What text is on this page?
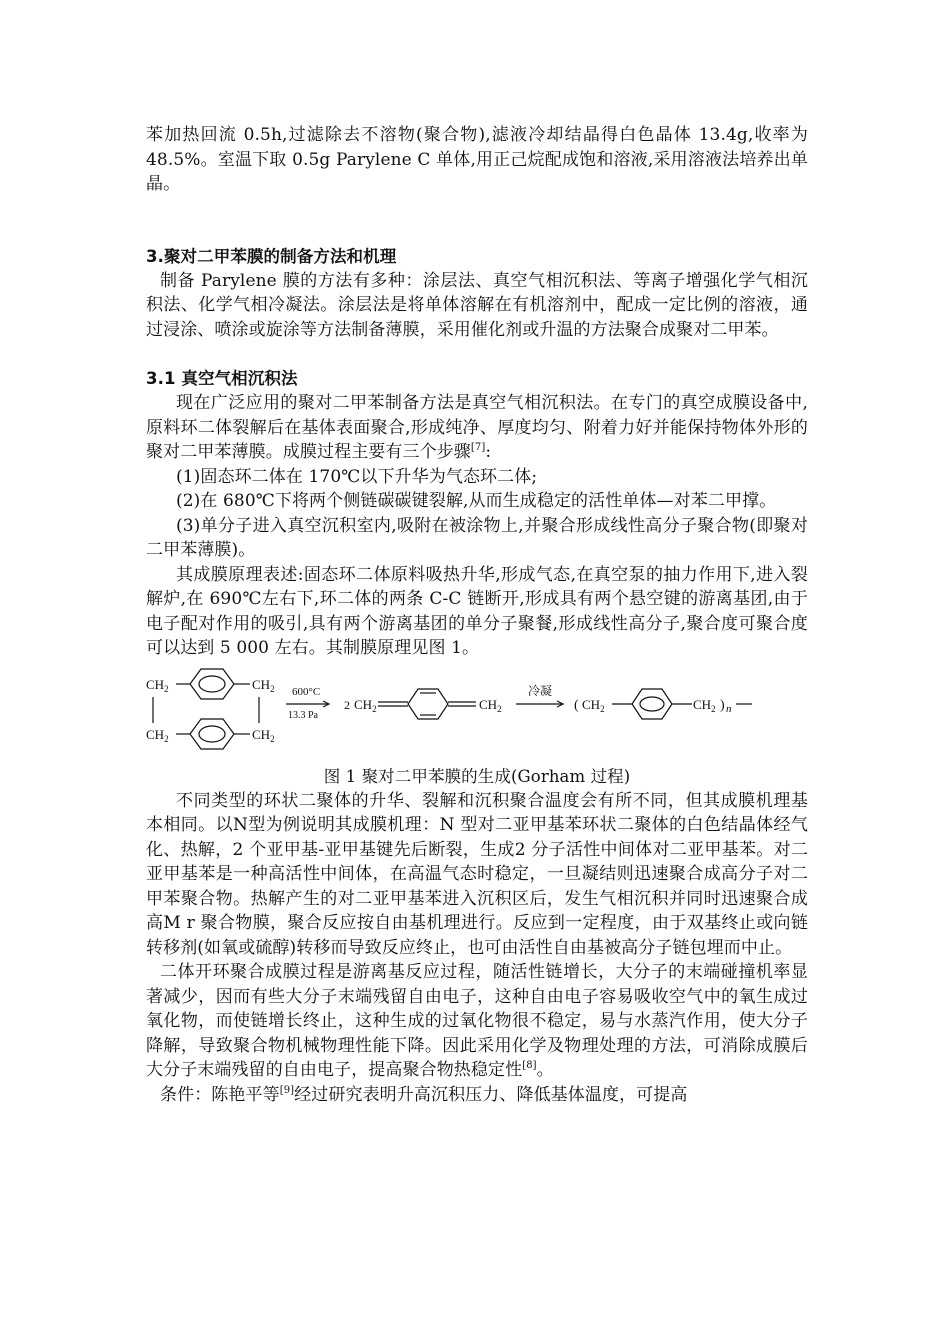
苯加热回流 0.5h,过滤除去不溶物(聚合物),滤液冷却结晶得白色晶体 13.4g,收率为 48.5%。室温下取 0.5g Parylene C 单体,用正己烷配成饱和溶液,采用溶液法培养出单晶。

3.聚对二甲苯膜的制备方法和机理

制备 Parylene 膜的方法有多种：涂层法、真空气相沉积法、等离子增强化学气相沉积法、化学气相冷凝法。涂层法是将单体溶解在有机溶剂中，配成一定比例的溶液，通过浸涂、喷涂或旋涂等方法制备薄膜，采用催化剂或升温的方法聚合成聚对二甲苯。

3.1 真空气相沉积法

现在广泛应用的聚对二甲苯制备方法是真空气相沉积法。在专门的真空成膜设备中,原料环二体裂解后在基体表面聚合,形成纯净、厚度均匀、附着力好并能保持物体外形的聚对二甲苯薄膜。成膜过程主要有三个步骤[7]:

(1)固态环二体在 170℃以下升华为气态环二体;

(2)在 680℃下将两个侧链碳碳键裂解,从而生成稳定的活性单体—对苯二甲撑。

(3)单分子进入真空沉积室内,吸附在被涂物上,并聚合形成线性高分子聚合物(即聚对二甲苯薄膜)。

其成膜原理表述:固态环二体原料吸热升华,形成气态,在真空泵的抽力作用下,进入裂解炉,在 690℃左右下,环二体的两条 C-C 链断开,形成具有两个悬空键的游离基团,由于电子配对作用的吸引,具有两个游离基团的单分子聚餐,形成线性高分子,聚合度可聚合度可以达到 5 000 左右。其制膜原理见图 1。

$CH_2$
$CH_2$
$CH_2$
$CH_2$
600°C
13.3 Pa
2 $CH_2$	$CH_2$
冷凝
( $CH_2$	$CH_2$ ) n

图 1 聚对二甲苯膜的生成(Gorham 过程)

不同类型的环状二聚体的升华、裂解和沉积聚合温度会有所不同，但其成膜机理基本相同。以N型为例说明其成膜机理：N 型对二亚甲基苯环状二聚体的白色结晶体经气化、热解，2 个亚甲基-亚甲基键先后断裂，生成2 分子活性中间体对二亚甲基苯。对二亚甲基苯是一种高活性中间体，在高温气态时稳定，一旦凝结则迅速聚合成高分子对二甲苯聚合物。热解产生的对二亚甲基苯进入沉积区后，发生气相沉积并同时迅速聚合成高M r 聚合物膜，聚合反应按自由基机理进行。反应到一定程度，由于双基终止或向链转移剂(如氧或硫醇)转移而导致反应终止，也可由活性自由基被高分子链包埋而中止。

二体开环聚合成膜过程是游离基反应过程，随活性链增长，大分子的末端碰撞机率显著减少，因而有些大分子末端残留自由电子，这种自由电子容易吸收空气中的氧生成过氧化物，而使链增长终止，这种生成的过氧化物很不稳定，易与水蒸汽作用，使大分子降解，导致聚合物机械物理性能下降。因此采用化学及物理处理的方法，可消除成膜后大分子末端残留的自由电子，提高聚合物热稳定性[8]。

条件：陈艳平等[9]经过研究表明升高沉积压力、降低基体温度，可提高
